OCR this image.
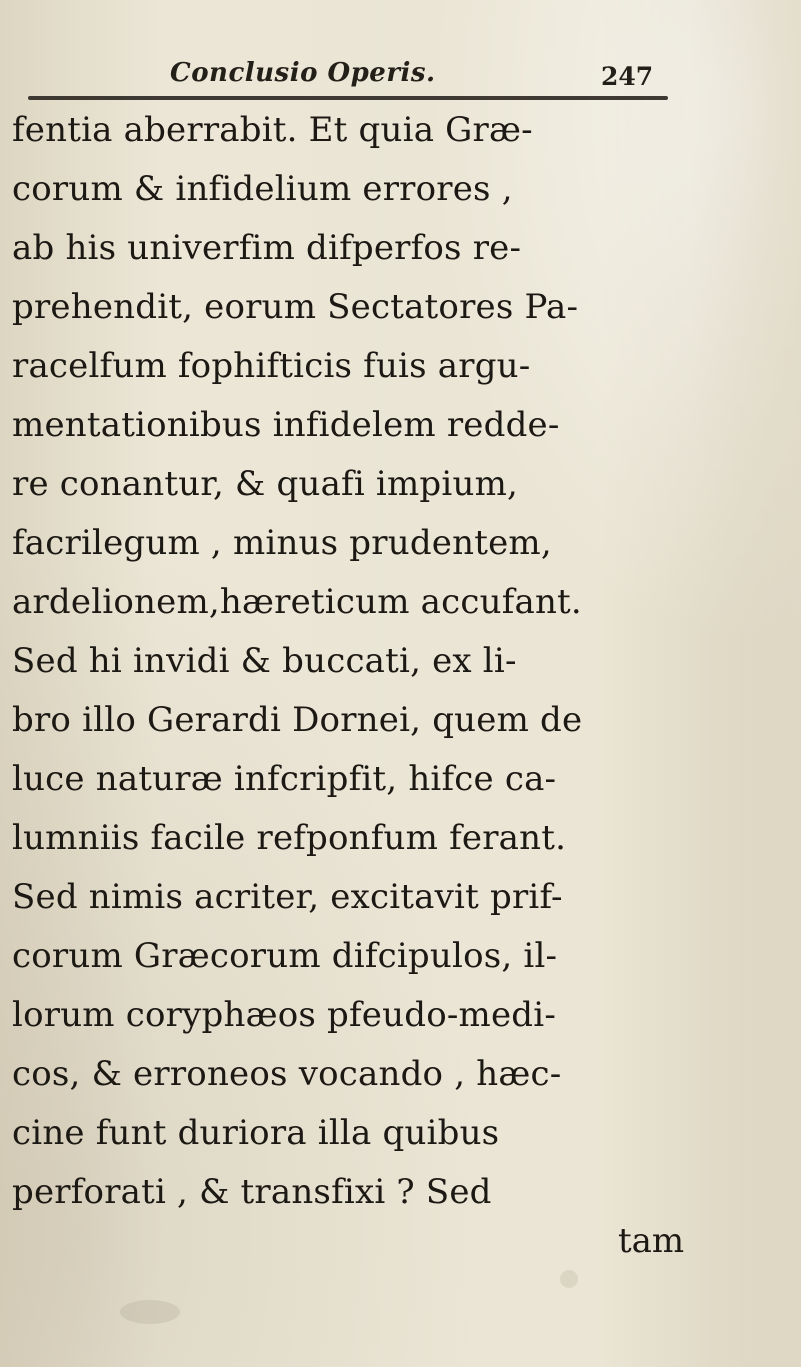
Conclusio Operis.	247
fentia aberrabit. Et quia Græ-
corum & infidelium errores ,
ab his univerfim difperfos re-
prehendit, eorum Sectatores Pa-
racelfum fophifticis fuis argu-
mentationibus infidelem redde-
re conantur, & quafi impium,
facrilegum , minus prudentem,
ardelionem,hæreticum accufant.
Sed hi invidi & buccati, ex li-
bro illo Gerardi Dornei, quem de
luce naturæ infcripfit, hifce ca-
lumniis facile refponfum ferant.
Sed nimis acriter, excitavit prif-
corum Græcorum difcipulos, il-
lorum coryphæos pfeudo-medi-
cos, & erroneos vocando , hæc-
cine funt duriora illa quibus
perforati , & transfixi ? Sed
tam
